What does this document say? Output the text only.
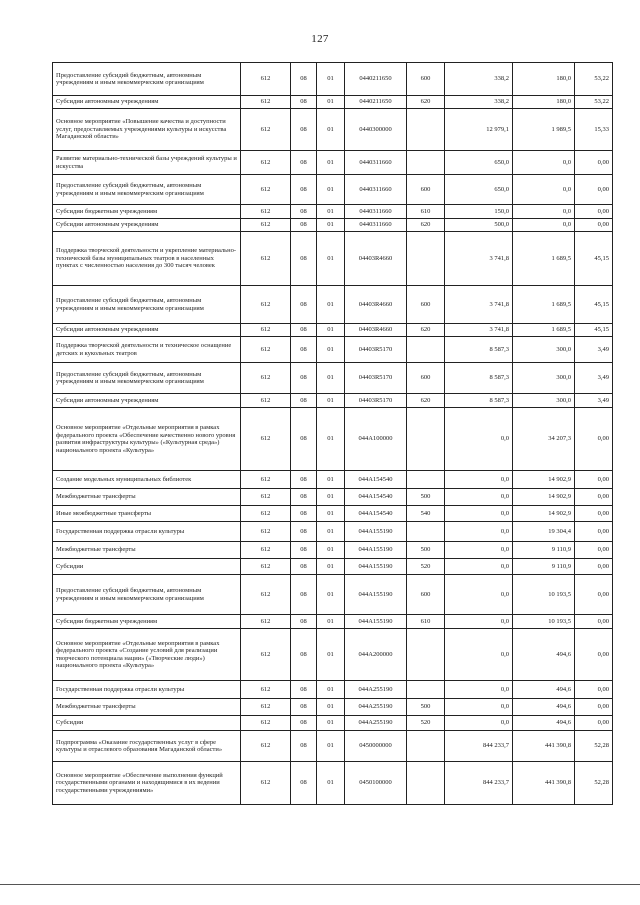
127
Предоставление субсидий бюджетным, автономным учреждениям и иным некоммерческим организациям	612	08	01	0440211650	600	338,2	180,0	53,22
Субсидии автономным учреждениям	612	08	01	0440211650	620	338,2	180,0	53,22
Основное мероприятие «Повышение качества и доступности услуг, предоставляемых учреждениями культуры и искусства Магаданской области»	612	08	01	0440300000		12 979,1	1 989,5	15,33
Развитие материально-технической базы учреждений культуры и искусства	612	08	01	0440311660		650,0	0,0	0,00
Предоставление субсидий бюджетным, автономным учреждениям и иным некоммерческим организациям	612	08	01	0440311660	600	650,0	0,0	0,00
Субсидии бюджетным учреждениям	612	08	01	0440311660	610	150,0	0,0	0,00
Субсидии автономным учреждениям	612	08	01	0440311660	620	500,0	0,0	0,00
Поддержка творческой деятельности и укрепление материально-технической базы муниципальных театров в населенных пунктах с численностью населения до 300 тысяч человек	612	08	01	04403R4660		3 741,8	1 689,5	45,15
Предоставление субсидий бюджетным, автономным учреждениям и иным некоммерческим организациям	612	08	01	04403R4660	600	3 741,8	1 689,5	45,15
Субсидии автономным учреждениям	612	08	01	04403R4660	620	3 741,8	1 689,5	45,15
Поддержка творческой деятельности и техническое оснащение детских и кукольных театров	612	08	01	04403R5170		8 587,3	300,0	3,49
Предоставление субсидий бюджетным, автономным учреждениям и иным некоммерческим организациям	612	08	01	04403R5170	600	8 587,3	300,0	3,49
Субсидии автономным учреждениям	612	08	01	04403R5170	620	8 587,3	300,0	3,49
Основное мероприятие «Отдельные мероприятия в рамках федерального проекта «Обеспечение качественно нового уровня развития инфраструктуры культуры» («Культурная среда») национального проекта «Культура»	612	08	01	044A100000		0,0	34 207,3	0,00
Создание модельных муниципальных библиотек	612	08	01	044A154540		0,0	14 902,9	0,00
Межбюджетные трансферты	612	08	01	044A154540	500	0,0	14 902,9	0,00
Иные межбюджетные трансферты	612	08	01	044A154540	540	0,0	14 902,9	0,00
Государственная поддержка отрасли культуры	612	08	01	044A155190		0,0	19 304,4	0,00
Межбюджетные трансферты	612	08	01	044A155190	500	0,0	9 110,9	0,00
Субсидии	612	08	01	044A155190	520	0,0	9 110,9	0,00
Предоставление субсидий бюджетным, автономным учреждениям и иным некоммерческим организациям	612	08	01	044A155190	600	0,0	10 193,5	0,00
Субсидии бюджетным учреждениям	612	08	01	044A155190	610	0,0	10 193,5	0,00
Основное мероприятие «Отдельные мероприятия в рамках федерального проекта «Создание условий для реализации творческого потенциала нации» («Творческие люди») национального проекта «Культура»	612	08	01	044A200000		0,0	494,6	0,00
Государственная поддержка отрасли культуры	612	08	01	044A255190		0,0	494,6	0,00
Межбюджетные трансферты	612	08	01	044A255190	500	0,0	494,6	0,00
Субсидии	612	08	01	044A255190	520	0,0	494,6	0,00
Подпрограмма «Оказание государственных услуг в сфере культуры и отраслевого образования Магаданской области»	612	08	01	0450000000		844 233,7	441 390,8	52,28
Основное мероприятие «Обеспечение выполнения функций государственными органами и находящимися в их ведении государственными учреждениями»	612	08	01	0450100000		844 233,7	441 390,8	52,28
